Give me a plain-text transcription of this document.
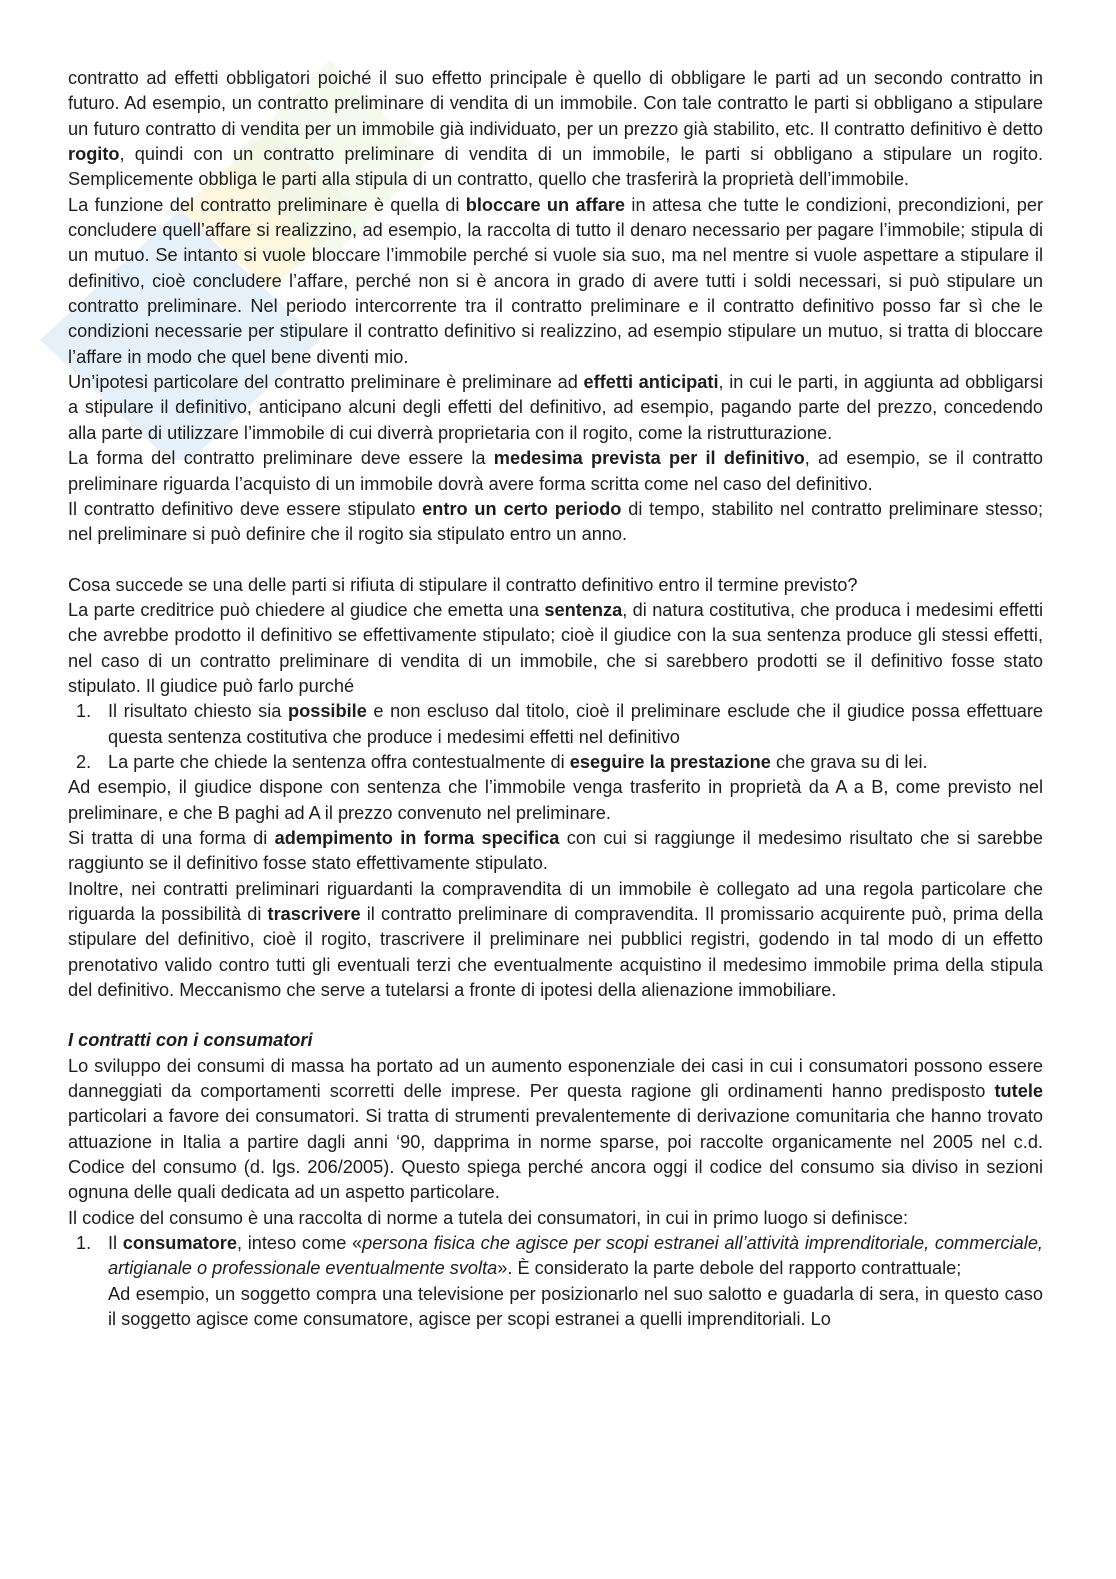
contratto ad effetti obbligatori poiché il suo effetto principale è quello di obbligare le parti ad un secondo contratto in futuro. Ad esempio, un contratto preliminare di vendita di un immobile. Con tale contratto le parti si obbligano a stipulare un futuro contratto di vendita per un immobile già individuato, per un prezzo già stabilito, etc. Il contratto definitivo è detto rogito, quindi con un contratto preliminare di vendita di un immobile, le parti si obbligano a stipulare un rogito. Semplicemente obbliga le parti alla stipula di un contratto, quello che trasferirà la proprietà dell’immobile.

La funzione del contratto preliminare è quella di bloccare un affare in attesa che tutte le condizioni, precondizioni, per concludere quell’affare si realizzino, ad esempio, la raccolta di tutto il denaro necessario per pagare l’immobile; stipula di un mutuo. Se intanto si vuole bloccare l’immobile perché si vuole sia suo, ma nel mentre si vuole aspettare a stipulare il definitivo, cioè concludere l’affare, perché non si è ancora in grado di avere tutti i soldi necessari, si può stipulare un contratto preliminare. Nel periodo intercorrente tra il contratto preliminare e il contratto definitivo posso far sì che le condizioni necessarie per stipulare il contratto definitivo si realizzino, ad esempio stipulare un mutuo, si tratta di bloccare l’affare in modo che quel bene diventi mio.

Un’ipotesi particolare del contratto preliminare è preliminare ad effetti anticipati, in cui le parti, in aggiunta ad obbligarsi a stipulare il definitivo, anticipano alcuni degli effetti del definitivo, ad esempio, pagando parte del prezzo, concedendo alla parte di utilizzare l’immobile di cui diverrà proprietaria con il rogito, come la ristrutturazione.

La forma del contratto preliminare deve essere la medesima prevista per il definitivo, ad esempio, se il contratto preliminare riguarda l’acquisto di un immobile dovrà avere forma scritta come nel caso del definitivo.

Il contratto definitivo deve essere stipulato entro un certo periodo di tempo, stabilito nel contratto preliminare stesso; nel preliminare si può definire che il rogito sia stipulato entro un anno.

Cosa succede se una delle parti si rifiuta di stipulare il contratto definitivo entro il termine previsto?

La parte creditrice può chiedere al giudice che emetta una sentenza, di natura costitutiva, che produca i medesimi effetti che avrebbe prodotto il definitivo se effettivamente stipulato; cioè il giudice con la sua sentenza produce gli stessi effetti, nel caso di un contratto preliminare di vendita di un immobile, che si sarebbero prodotti se il definitivo fosse stato stipulato. Il giudice può farlo purché

1. Il risultato chiesto sia possibile e non escluso dal titolo, cioè il preliminare esclude che il giudice possa effettuare questa sentenza costitutiva che produce i medesimi effetti nel definitivo
2. La parte che chiede la sentenza offra contestualmente di eseguire la prestazione che grava su di lei.

Ad esempio, il giudice dispone con sentenza che l’immobile venga trasferito in proprietà da A a B, come previsto nel preliminare, e che B paghi ad A il prezzo convenuto nel preliminare.

Si tratta di una forma di adempimento in forma specifica con cui si raggiunge il medesimo risultato che si sarebbe raggiunto se il definitivo fosse stato effettivamente stipulato.

Inoltre, nei contratti preliminari riguardanti la compravendita di un immobile è collegato ad una regola particolare che riguarda la possibilità di trascrivere il contratto preliminare di compravendita. Il promissario acquirente può, prima della stipulare del definitivo, cioè il rogito, trascrivere il preliminare nei pubblici registri, godendo in tal modo di un effetto prenotativo valido contro tutti gli eventuali terzi che eventualmente acquistino il medesimo immobile prima della stipula del definitivo. Meccanismo che serve a tutelarsi a fronte di ipotesi della alienazione immobiliare.

I contratti con i consumatori

Lo sviluppo dei consumi di massa ha portato ad un aumento esponenziale dei casi in cui i consumatori possono essere danneggiati da comportamenti scorretti delle imprese. Per questa ragione gli ordinamenti hanno predisposto tutele particolari a favore dei consumatori. Si tratta di strumenti prevalentemente di derivazione comunitaria che hanno trovato attuazione in Italia a partire dagli anni ‘90, dapprima in norme sparse, poi raccolte organicamente nel 2005 nel c.d. Codice del consumo (d. lgs. 206/2005). Questo spiega perché ancora oggi il codice del consumo sia diviso in sezioni ognuna delle quali dedicata ad un aspetto particolare.

Il codice del consumo è una raccolta di norme a tutela dei consumatori, in cui in primo luogo si definisce:

1. Il consumatore, inteso come «persona fisica che agisce per scopi estranei all’attività imprenditoriale, commerciale, artigianale o professionale eventualmente svolta». È considerato la parte debole del rapporto contrattuale;
Ad esempio, un soggetto compra una televisione per posizionarlo nel suo salotto e guadarla di sera, in questo caso il soggetto agisce come consumatore, agisce per scopi estranei a quelli imprenditoriali. Lo
